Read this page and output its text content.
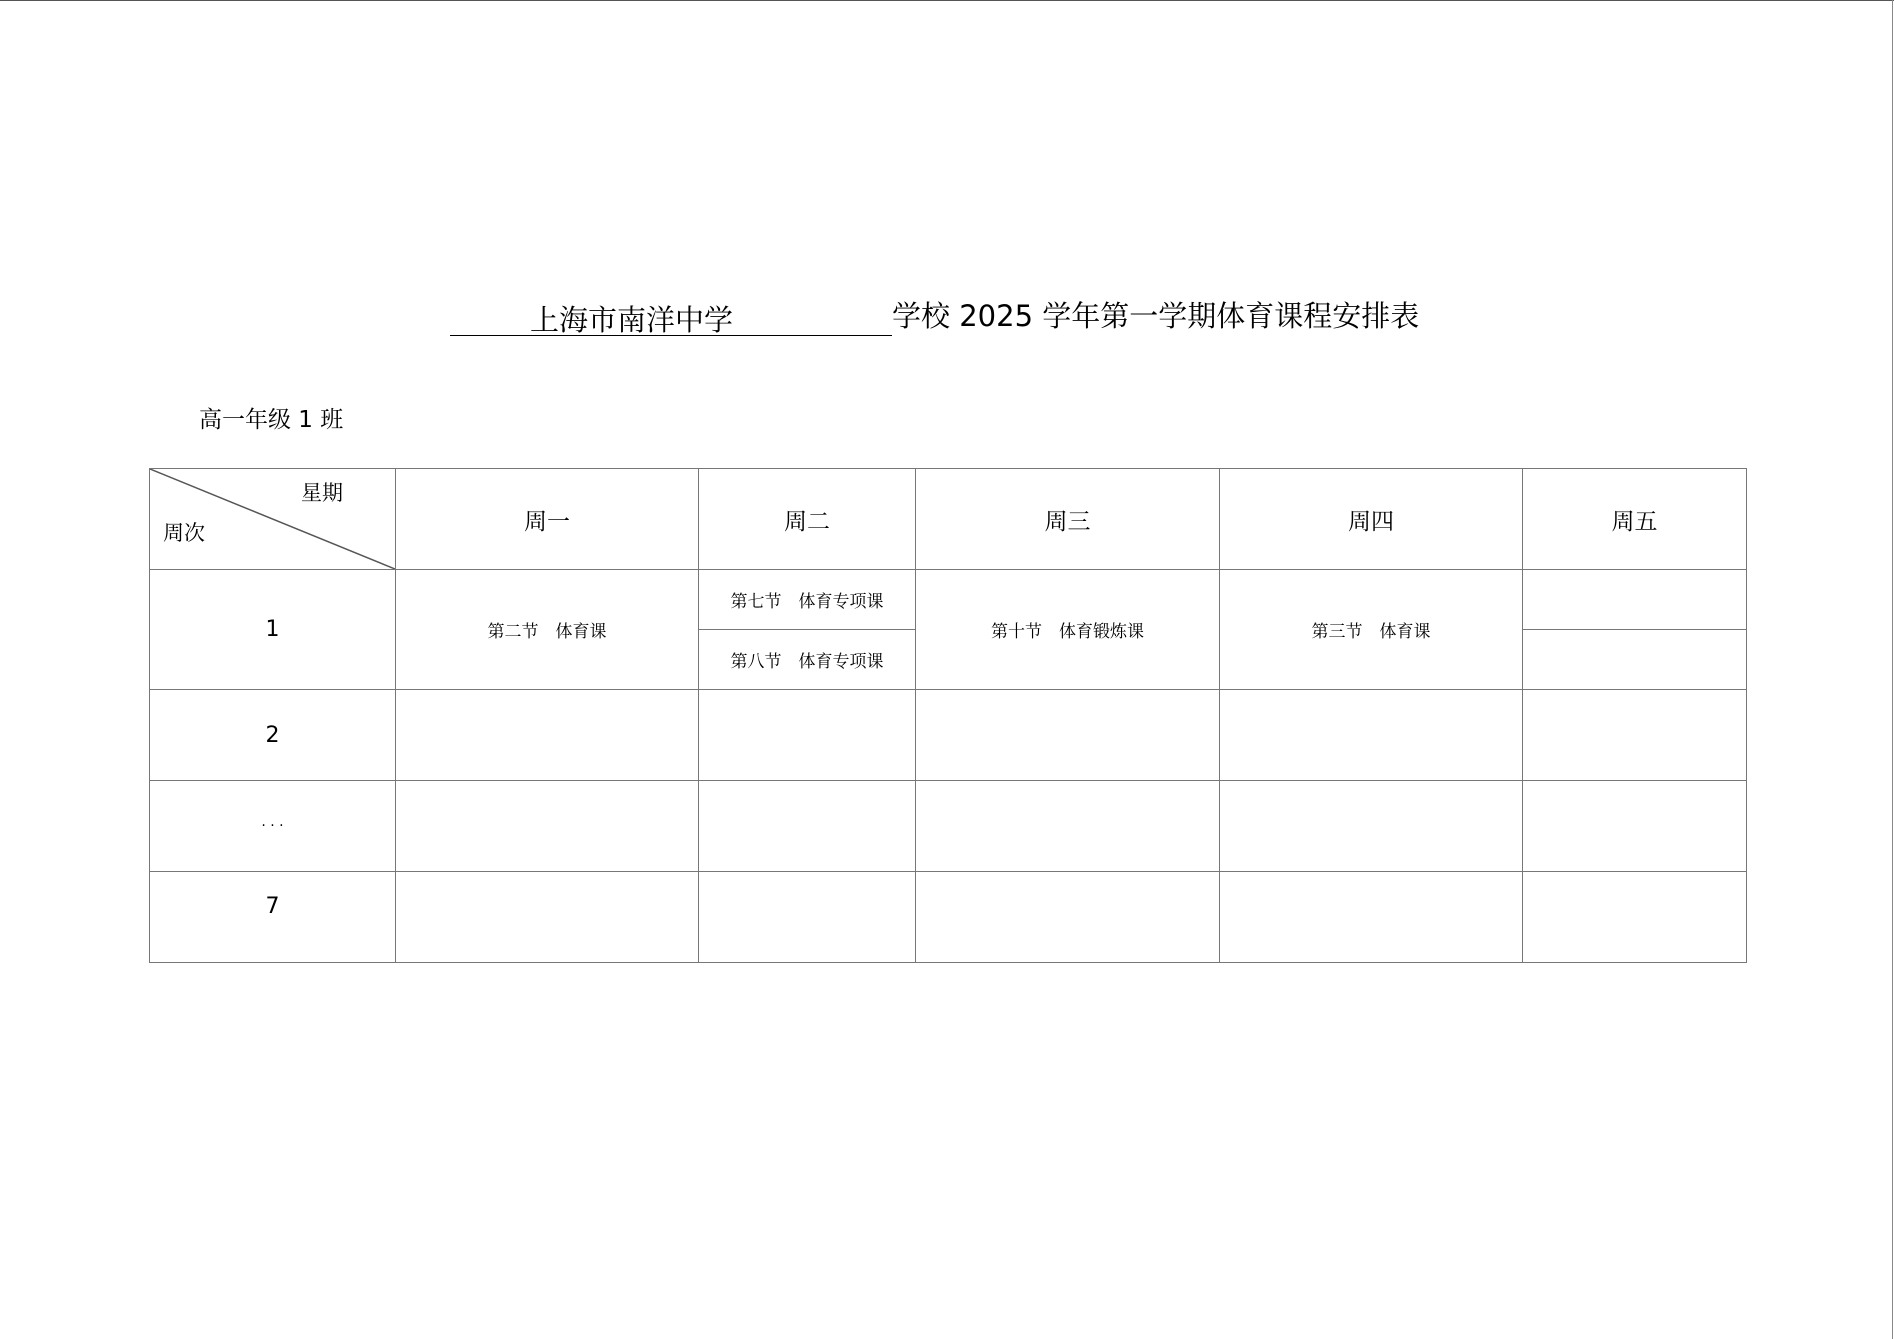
上海市南洋中学	学校 2025 学年第一学期体育课程安排表
高一年级 1 班
星期
周次	周一	周二	周三	周四	周五
1	第二节　体育课	第七节　体育专项课	第十节　体育锻炼课	第三节　体育课	
		第八节　体育专项课			
2					
· · ·					
7					
